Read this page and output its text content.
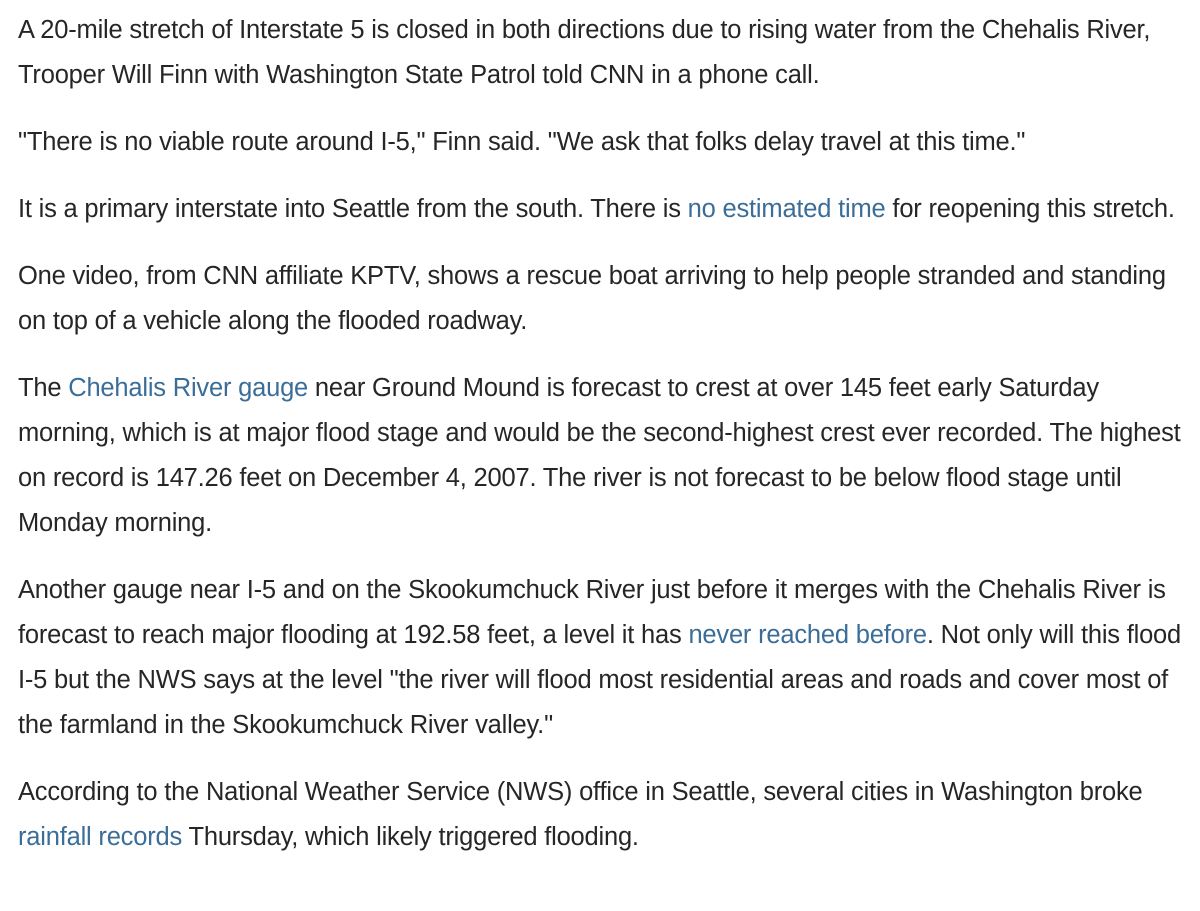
A 20-mile stretch of Interstate 5 is closed in both directions due to rising water from the Chehalis River, Trooper Will Finn with Washington State Patrol told CNN in a phone call.

"There is no viable route around I-5," Finn said. "We ask that folks delay travel at this time."

It is a primary interstate into Seattle from the south. There is no estimated time for reopening this stretch.

One video, from CNN affiliate KPTV, shows a rescue boat arriving to help people stranded and standing on top of a vehicle along the flooded roadway.

The Chehalis River gauge near Ground Mound is forecast to crest at over 145 feet early Saturday morning, which is at major flood stage and would be the second-highest crest ever recorded. The highest on record is 147.26 feet on December 4, 2007. The river is not forecast to be below flood stage until Monday morning.

Another gauge near I-5 and on the Skookumchuck River just before it merges with the Chehalis River is forecast to reach major flooding at 192.58 feet, a level it has never reached before. Not only will this flood I-5 but the NWS says at the level "the river will flood most residential areas and roads and cover most of the farmland in the Skookumchuck River valley."

According to the National Weather Service (NWS) office in Seattle, several cities in Washington broke rainfall records Thursday, which likely triggered flooding.
